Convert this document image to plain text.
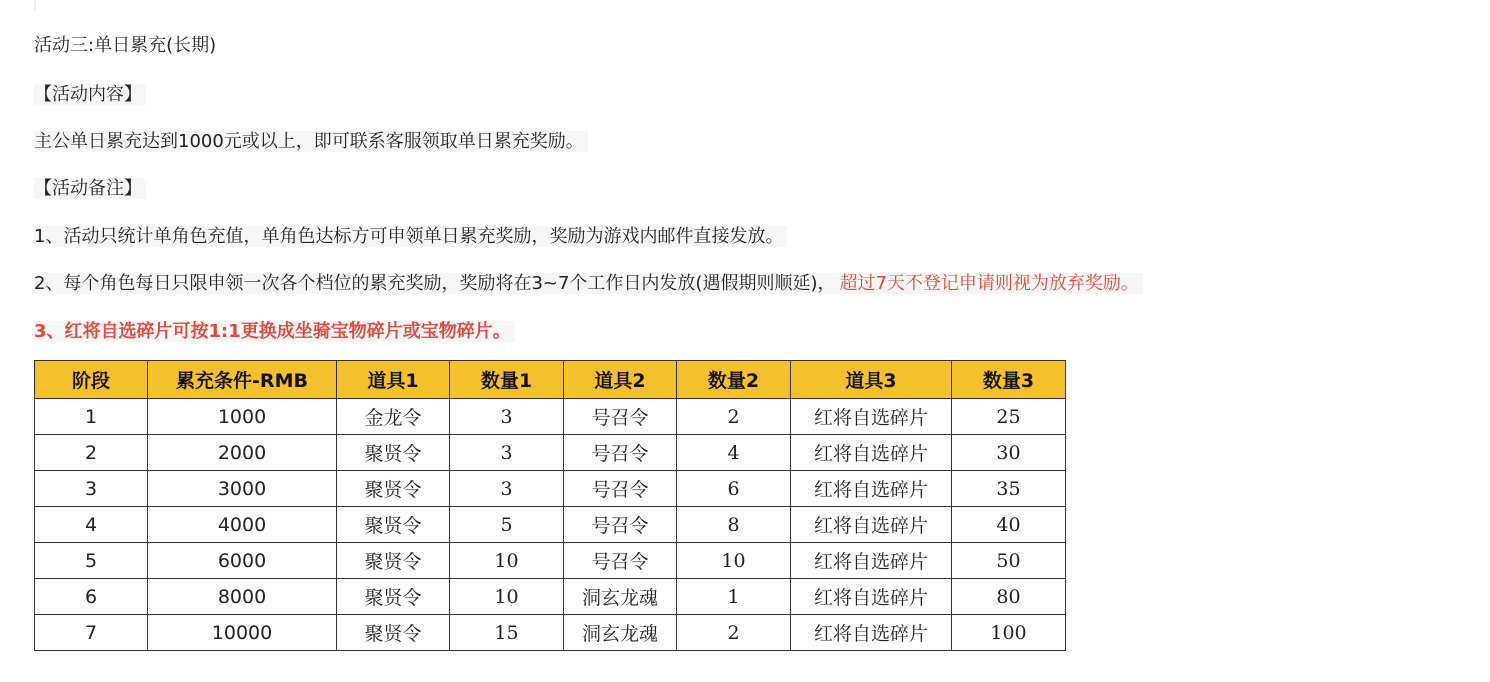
活动三:单日累充(长期)
【活动内容】
主公单日累充达到1000元或以上，即可联系客服领取单日累充奖励。
【活动备注】
1、活动只统计单角色充值，单角色达标方可申领单日累充奖励，奖励为游戏内邮件直接发放。
2、每个角色每日只限申领一次各个档位的累充奖励，奖励将在3~7个工作日内发放(遇假期则顺延)， 超过7天不登记申请则视为放弃奖励。
3、红将自选碎片可按1:1更换成坐骑宝物碎片或宝物碎片。
阶段	累充条件-RMB	道具1	数量1	道具2	数量2	道具3	数量3
1	1000	金龙令	3	号召令	2	红将自选碎片	25
2	2000	聚贤令	3	号召令	4	红将自选碎片	30
3	3000	聚贤令	3	号召令	6	红将自选碎片	35
4	4000	聚贤令	5	号召令	8	红将自选碎片	40
5	6000	聚贤令	10	号召令	10	红将自选碎片	50
6	8000	聚贤令	10	洞玄龙魂	1	红将自选碎片	80
7	10000	聚贤令	15	洞玄龙魂	2	红将自选碎片	100
